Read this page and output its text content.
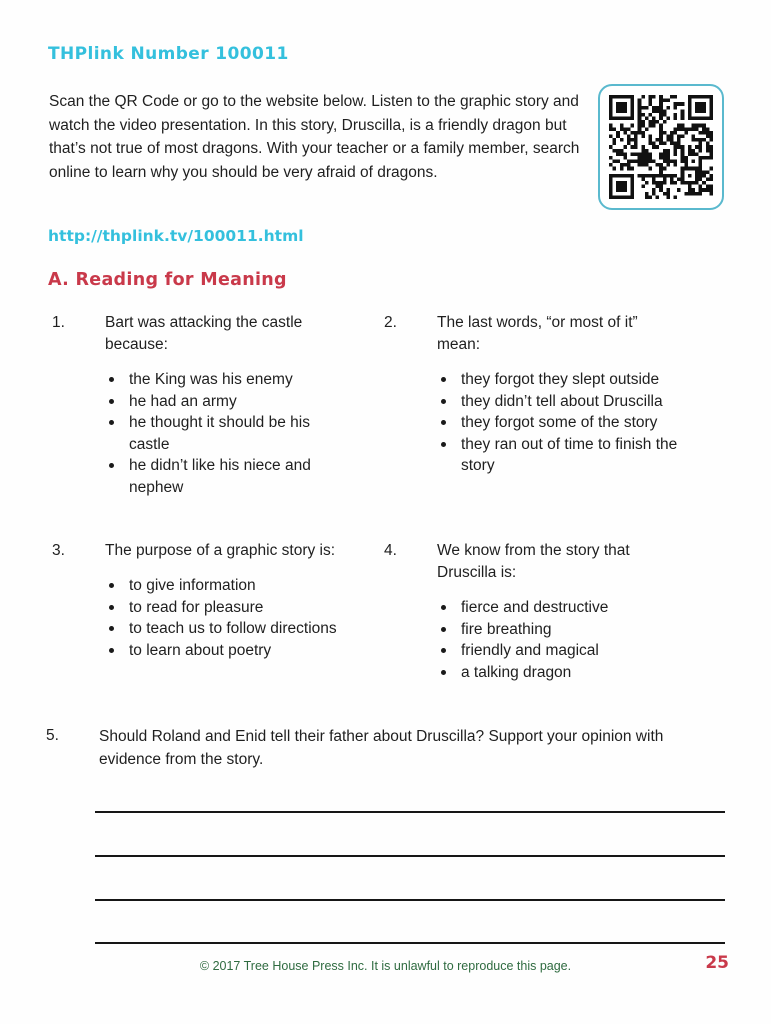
THPlink Number 100011
Scan the QR Code or go to the website below. Listen to the graphic story and watch the video presentation. In this story, Druscilla, is a friendly dragon but that’s not true of most dragons. With your teacher or a family member, search online to learn why you should be very afraid of dragons.
http://thplink.tv/100011.html
A. Reading for Meaning
1.	Bart was attacking the castle because:
the King was his enemy
he had an army
he thought it should be his castle
he didn’t like his niece and nephew
2.	The last words, “or most of it” mean:
they forgot they slept outside
they didn’t tell about Druscilla
they forgot some of the story
they ran out of time to finish the story
3.	The purpose of a graphic story is:
to give information
to read for pleasure
to teach us to follow directions
to learn about poetry
4.	We know from the story that Druscilla is:
fierce and destructive
fire breathing
friendly and magical
a talking dragon
5.	Should Roland and Enid tell their father about Druscilla? Support your opinion with evidence from the story.
© 2017 Tree House Press Inc. It is unlawful to reproduce this page.	25
